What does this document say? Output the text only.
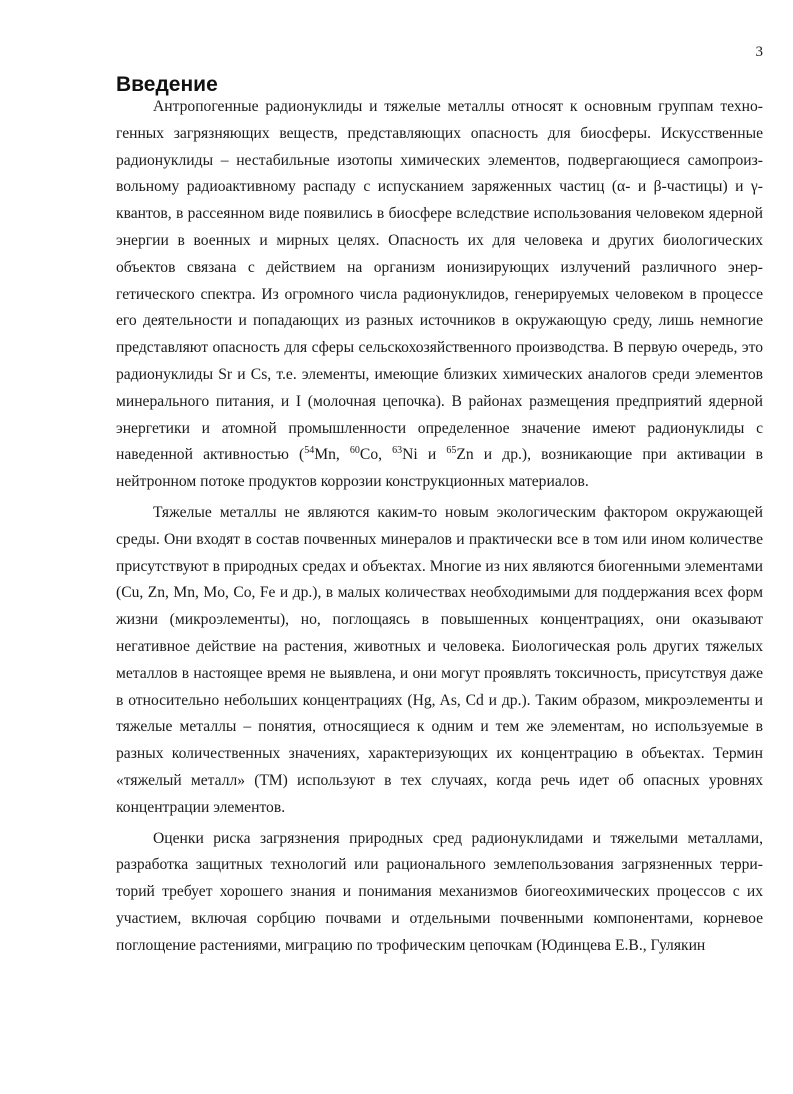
3
Введение

Антропогенные радионуклиды и тяжелые металлы относят к основным группам техногенных загрязняющих веществ, представляющих опасность для биосферы. Искусственные радионуклиды – нестабильные изотопы химических элементов, подвергающиеся самопроизвольному радиоактивному распаду с испусканием заряженных частиц (α- и β-частицы) и γ-квантов, в рассеянном виде появились в биосфере вследствие использования человеком ядерной энергии в военных и мирных целях. Опасность их для человека и других биологических объектов связана с действием на организм ионизирующих излучений различного энергетического спектра. Из огромного числа радионуклидов, генерируемых человеком в процессе его деятельности и попадающих из разных источников в окружающую среду, лишь немногие представляют опасность для сферы сельскохозяйственного производства. В первую очередь, это радионуклиды Sr и Cs, т.е. элементы, имеющие близких химических аналогов среди элементов минерального питания, и I (молочная цепочка). В районах размещения предприятий ядерной энергетики и атомной промышленности определенное значение имеют радионуклиды с наведенной активностью ($^{54}$Mn, $^{60}$Co, $^{63}$Ni и $^{65}$Zn и др.), возникающие при активации в нейтронном потоке продуктов коррозии конструкционных материалов.

Тяжелые металлы не являются каким-то новым экологическим фактором окружающей среды. Они входят в состав почвенных минералов и практически все в том или ином количестве присутствуют в природных средах и объектах. Многие из них являются биогенными элементами (Cu, Zn, Mn, Mo, Co, Fe и др.), в малых количествах необходимыми для поддержания всех форм жизни (микроэлементы), но, поглощаясь в повышенных концентрациях, они оказывают негативное действие на растения, животных и человека. Биологическая роль других тяжелых металлов в настоящее время не выявлена, и они могут проявлять токсичность, присутствуя даже в относительно небольших концентрациях (Hg, As, Cd и др.). Таким образом, микроэлементы и тяжелые металлы – понятия, относящиеся к одним и тем же элементам, но используемые в разных количественных значениях, характеризующих их концентрацию в объектах. Термин «тяжелый металл» (ТМ) используют в тех случаях, когда речь идет об опасных уровнях концентрации элементов.

Оценки риска загрязнения природных сред радионуклидами и тяжелыми металлами, разработка защитных технологий или рационального землепользования загрязненных территорий требует хорошего знания и понимания механизмов биогеохимических процессов с их участием, включая сорбцию почвами и отдельными почвенными компонентами, корневое поглощение растениями, миграцию по трофическим цепочкам (Юдинцева Е.В., Гулякин
